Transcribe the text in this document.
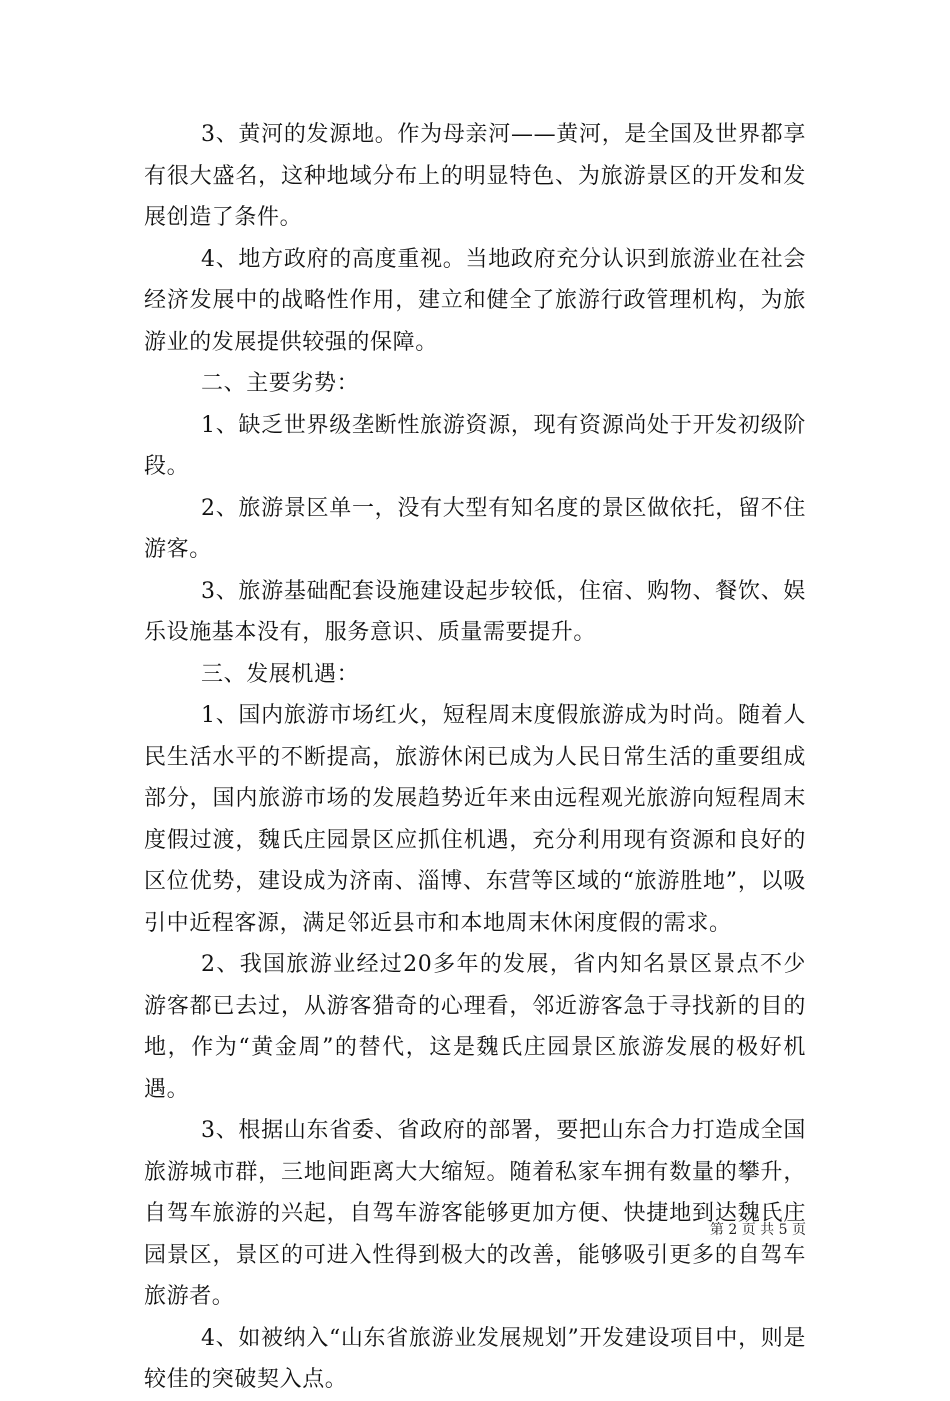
3、黄河的发源地。作为母亲河——黄河，是全国及世界都享有很大盛名，这种地域分布上的明显特色、为旅游景区的开发和发展创造了条件。

4、地方政府的高度重视。当地政府充分认识到旅游业在社会经济发展中的战略性作用，建立和健全了旅游行政管理机构，为旅游业的发展提供较强的保障。

二、主要劣势：

1、缺乏世界级垄断性旅游资源，现有资源尚处于开发初级阶段。

2、旅游景区单一，没有大型有知名度的景区做依托，留不住游客。

3、旅游基础配套设施建设起步较低，住宿、购物、餐饮、娱乐设施基本没有，服务意识、质量需要提升。

三、发展机遇：

1、国内旅游市场红火，短程周末度假旅游成为时尚。随着人民生活水平的不断提高，旅游休闲已成为人民日常生活的重要组成部分，国内旅游市场的发展趋势近年来由远程观光旅游向短程周末度假过渡，魏氏庄园景区应抓住机遇，充分利用现有资源和良好的区位优势，建设成为济南、淄博、东营等区域的“旅游胜地”，以吸引中近程客源，满足邻近县市和本地周末休闲度假的需求。

2、我国旅游业经过20多年的发展，省内知名景区景点不少游客都已去过，从游客猎奇的心理看，邻近游客急于寻找新的目的地，作为“黄金周”的替代，这是魏氏庄园景区旅游发展的极好机遇。

3、根据山东省委、省政府的部署，要把山东合力打造成全国旅游城市群，三地间距离大大缩短。随着私家车拥有数量的攀升，自驾车旅游的兴起，自驾车游客能够更加方便、快捷地到达魏氏庄园景区，景区的可进入性得到极大的改善，能够吸引更多的自驾车旅游者。

4、如被纳入“山东省旅游业发展规划”开发建设项目中，则是较佳的突破契入点。

第 2 页 共 5 页
